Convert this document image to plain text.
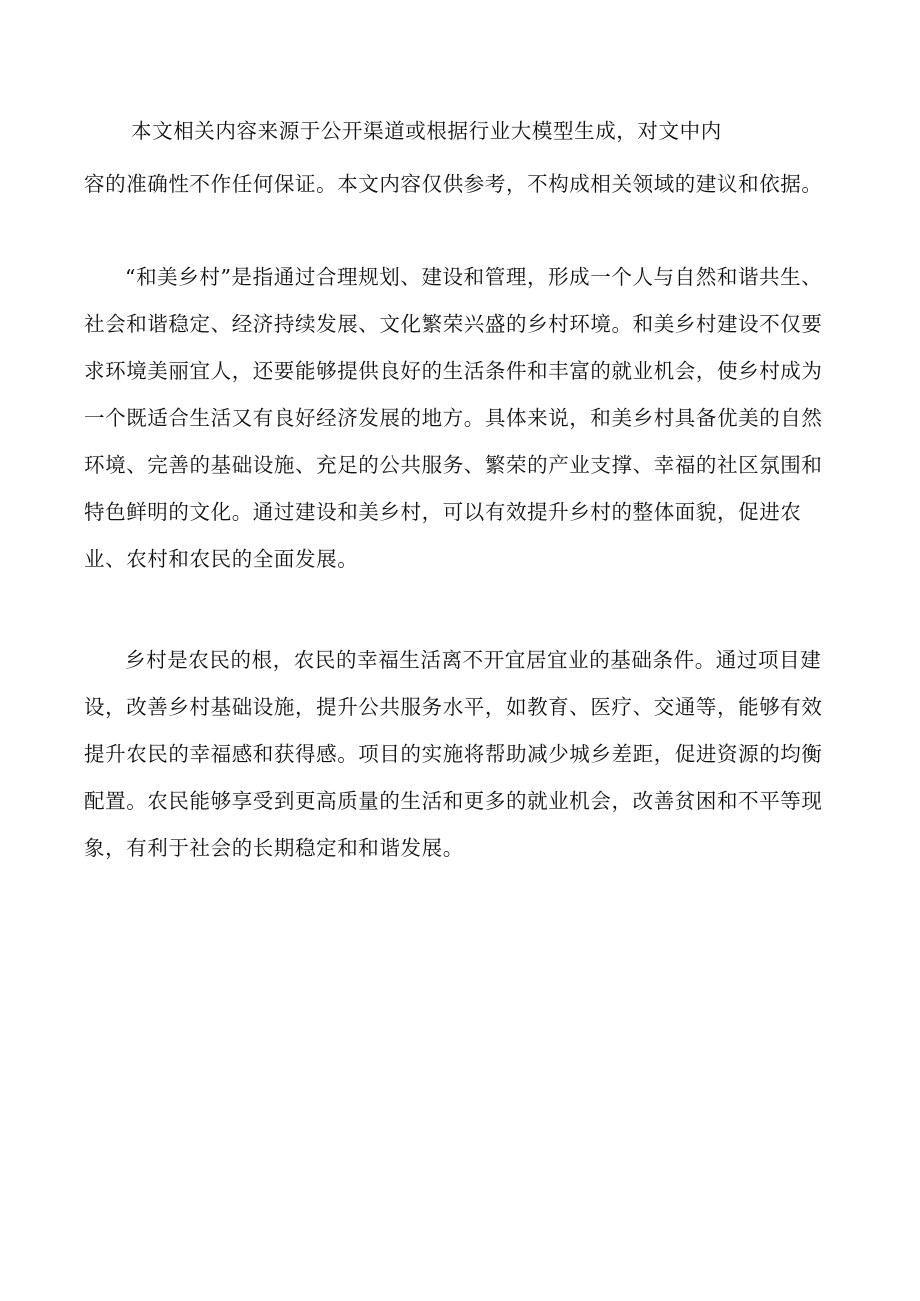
本文相关内容来源于公开渠道或根据行业大模型生成，对文中内
容的准确性不作任何保证。本文内容仅供参考，不构成相关领域的建议和依据。

“和美乡村”是指通过合理规划、建设和管理，形成一个人与自然和谐共生、社会和谐稳定、经济持续发展、文化繁荣兴盛的乡村环境。和美乡村建设不仅要求环境美丽宜人，还要能够提供良好的生活条件和丰富的就业机会，使乡村成为一个既适合生活又有良好经济发展的地方。具体来说，和美乡村具备优美的自然环境、完善的基础设施、充足的公共服务、繁荣的产业支撑、幸福的社区氛围和特色鲜明的文化。通过建设和美乡村，可以有效提升乡村的整体面貌，促进农业、农村和农民的全面发展。

乡村是农民的根，农民的幸福生活离不开宜居宜业的基础条件。通过项目建设，改善乡村基础设施，提升公共服务水平，如教育、医疗、交通等，能够有效提升农民的幸福感和获得感。项目的实施将帮助减少城乡差距，促进资源的均衡配置。农民能够享受到更高质量的生活和更多的就业机会，改善贫困和不平等现象，有利于社会的长期稳定和和谐发展。
